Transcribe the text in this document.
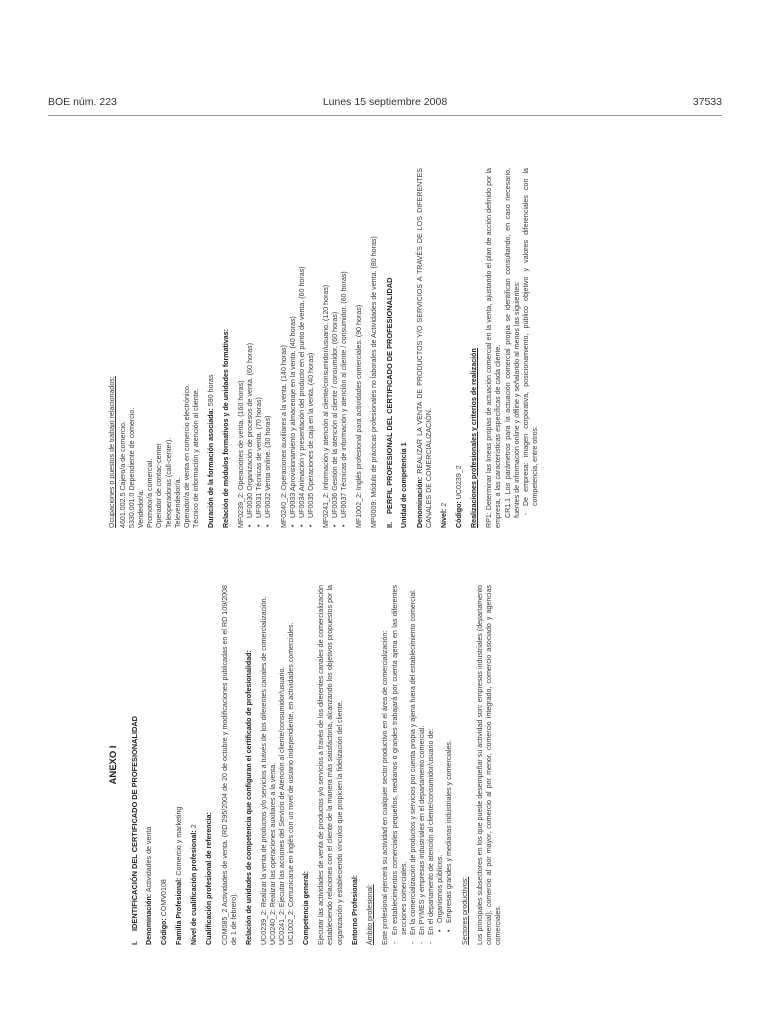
BOE núm. 223	Lunes 15 septiembre 2008	37533
ANEXO I
I.IDENTIFICACIÓN DEL CERTIFICADO DE PROFESIONALIDAD Denominación: Actividades de venta
Código: COMV0108 Familia Profesional: Comercio y marketing Nivel de cualificación profesional: 2 Cualificación profesional de referencia: COM085_2 Actividades de venta. (RD 295/2004 de 20 de octubre y modificaciones publicadas en el RD 109/2008 de 1 de febrero). Relación de unidades de competencia que configuran el certificado de profesionalidad: UC0239_2: Realizar la venta de productos y/o servicios a través de los diferentes canales de comercialización. UC0240_2: Realizar las operaciones auxiliares a la venta. UC0241_2: Ejecutar las acciones del Servicio de Atención al cliente/consumidor/usuario. UC1002_2: Comunicarse en inglés con un nivel de usuario independiente, en actividades comerciales. Competencia general: Ejecutar las actividades de venta de productos y/o servicios a través de los diferentes canales de comercialización estableciendo relaciones con el cliente de la manera más satisfactoria, alcanzando los objetivos propuestos por la organización y estableciendo vínculos que propicien la fidelización del cliente. Entorno Profesional: Ámbito profesional: Este profesional ejercerá su actividad en cualquier sector productivo en el área de comercialización: - En establecimientos comerciales pequeños, medianos o grandes trabajará por cuenta ajena en las diferentes secciones comerciales. - En la comercialización de productos y servicios por cuenta propia y ajena fuera del establecimiento comercial. - En PYMES y empresas industriales en el departamento comercial. - En el departamento de atención al cliente/consumidor/usuario de: • Organismos públicos. • Empresas grandes y medianas industriales y comerciales. Sectores productivos: Los principales subsectores en los que puede desempeñar su actividad son: empresas industriales (departamento comercial), comercio al por mayor, comercio al por menor, comercio integrado, comercio asociado y agencias comerciales.
Ocupaciones o puestos de trabajo relacionados: 4601.002.5 Cajero/a de comercio. 5330.001.0 Dependiente de comercio. Vendedor/a. Promotor/a comercial. Operador de contac-center Teleoperadoras (call-center). Televendedor/a. Operador/a de venta en comercio electrónico. Técnico de información y atención al cliente. Duración de la formación asociada: 590 horas Relación de módulos formativos y de unidades formativas: MF0239_2: Operaciones de venta. (160 horas) • UF0030 Organización de procesos de venta. (60 horas) • UF0031 Técnicas de venta. (70 horas) • UF0032 Venta online. (30 horas) MF0240_2: Operaciones auxiliares a la venta. (140 horas) • UF0033 Aprovisionamiento y almacenaje en la venta. (40 horas) • UF0034 Animación y presentación del producto en el punto de venta. (60 horas) • UF0035 Operaciones de caja en la venta. (40 horas) MF0241_2: Información y atención al cliente/consumidor/usuario. (120 horas) • UF0036 Gestión de la atención al cliente / consumidor. (60 horas) • UF0037 Técnicas de información y atención al cliente / consumidor. (60 horas) MF1002_2: Inglés profesional para actividades comerciales. (90 horas) MP0009: Módulo de prácticas profesionales no laborales de Actividades de venta. (80 horas) II.PERFIL PROFESIONAL DEL CERTIFICADO DE PROFESIONALIDAD Unidad de competencia 1 Denominación: REALIZAR LA VENTA DE PRODUCTOS Y/O SERVICIOS A TRAVÉS DE LOS DIFERENTES CANALES DE COMERCIALIZACIÓN. Nivel: 2 Código: UC0239_2 Realizaciones profesionales y criterios de realización RP1: Determinar las líneas propias de actuación comercial en la venta, ajustando el plan de acción definido por la empresa, a las características específicas de cada cliente. CR1.1 Los parámetros para la actuación comercial propia se identifican consultando, en caso necesario, fuentes de información online y offline y señalando al menos las siguientes: - De empresa: imagen corporativa, posicionamiento, público objetivo y valores diferenciales con la competencia, entre otros.
